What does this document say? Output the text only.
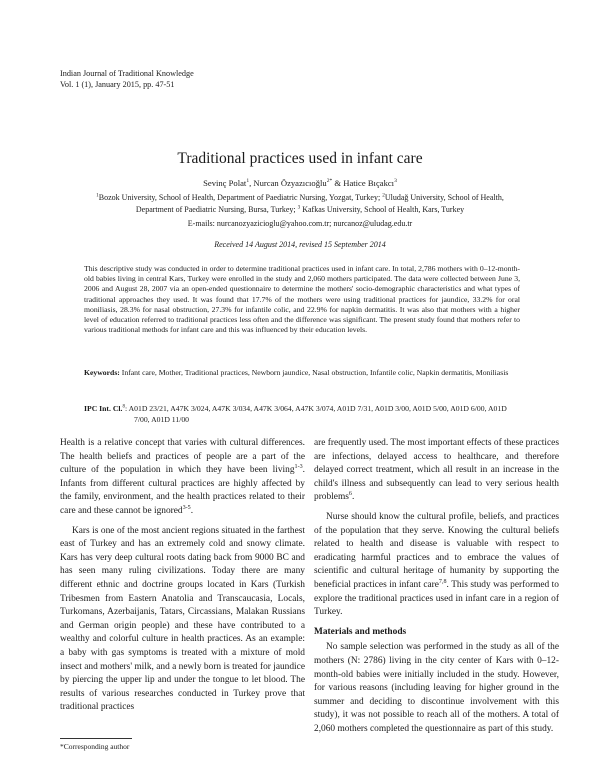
Indian Journal of Traditional Knowledge
Vol. 1 (1), January 2015, pp. 47-51
Traditional practices used in infant care
Sevinç Polat$^1$, Nurcan Özyazıcıoğlu$^{2*}$ & Hatice Bıçakcı$^3$
$^1$Bozok University, School of Health, Department of Paediatric Nursing, Yozgat, Turkey; $^2$Uludağ University, School of Health,
Department of Paediatric Nursing, Bursa, Turkey; $^3$ Kafkas University, School of Health, Kars, Turkey
E-mails: nurcanozyazicioglu@yahoo.com.tr; nurcanoz@uludag.edu.tr
Received 14 August 2014, revised 15 September 2014
This descriptive study was conducted in order to determine traditional practices used in infant care. In total, 2,786 mothers with 0–12-month-old babies living in central Kars, Turkey were enrolled in the study and 2,060 mothers participated. The data were collected between June 3, 2006 and August 28, 2007 via an open-ended questionnaire to determine the mothers' socio-demographic characteristics and what types of traditional approaches they used. It was found that 17.7% of the mothers were using traditional practices for jaundice, 33.2% for oral moniliasis, 28.3% for nasal obstruction, 27.3% for infantile colic, and 22.9% for napkin dermatitis. It was also that mothers with a higher level of education referred to traditional practices less often and the difference was significant. The present study found that mothers refer to various traditional methods for infant care and this was influenced by their education levels.
Keywords: Infant care, Mother, Traditional practices, Newborn jaundice, Nasal obstruction, Infantile colic, Napkin dermatitis, Moniliasis
IPC Int. Cl.$^8$: A01D 23/21, A47K 3/024, A47K 3/034, A47K 3/064, A47K 3/074, A01D 7/31, A01D 3/00, A01D 5/00, A01D 6/00, A01D 7/00, A01D 11/00

Health is a relative concept that varies with cultural differences. The health beliefs and practices of people are a part of the culture of the population in which they have been living$^{1-3}$. Infants from different cultural practices are highly affected by the family, environment, and the health practices related to their care and these cannot be ignored$^{3-5}$.

Kars is one of the most ancient regions situated in the farthest east of Turkey and has an extremely cold and snowy climate. Kars has very deep cultural roots dating back from 9000 BC and has seen many ruling civilizations. Today there are many different ethnic and doctrine groups located in Kars (Turkish Tribesmen from Eastern Anatolia and Transcaucasia, Locals, Turkomans, Azerbaijanis, Tatars, Circassians, Malakan Russians and German origin people) and these have contributed to a wealthy and colorful culture in health practices. As an example: a baby with gas symptoms is treated with a mixture of mold insect and mothers' milk, and a newly born is treated for jaundice by piercing the upper lip and under the tongue to let blood. The results of various researches conducted in Turkey prove that traditional practices

are frequently used. The most important effects of these practices are infections, delayed access to healthcare, and therefore delayed correct treatment, which all result in an increase in the child's illness and subsequently can lead to very serious health problems$^6$.

Nurse should know the cultural profile, beliefs, and practices of the population that they serve. Knowing the cultural beliefs related to health and disease is valuable with respect to eradicating harmful practices and to embrace the values of scientific and cultural heritage of humanity by supporting the beneficial practices in infant care$^{7,8}$. This study was performed to explore the traditional practices used in infant care in a region of Turkey.

Materials and methods

No sample selection was performed in the study as all of the mothers (N: 2786) living in the city center of Kars with 0–12-month-old babies were initially included in the study. However, for various reasons (including leaving for higher ground in the summer and deciding to discontinue involvement with this study), it was not possible to reach all of the mothers. A total of 2,060 mothers completed the questionnaire as part of this study.

*Corresponding author
